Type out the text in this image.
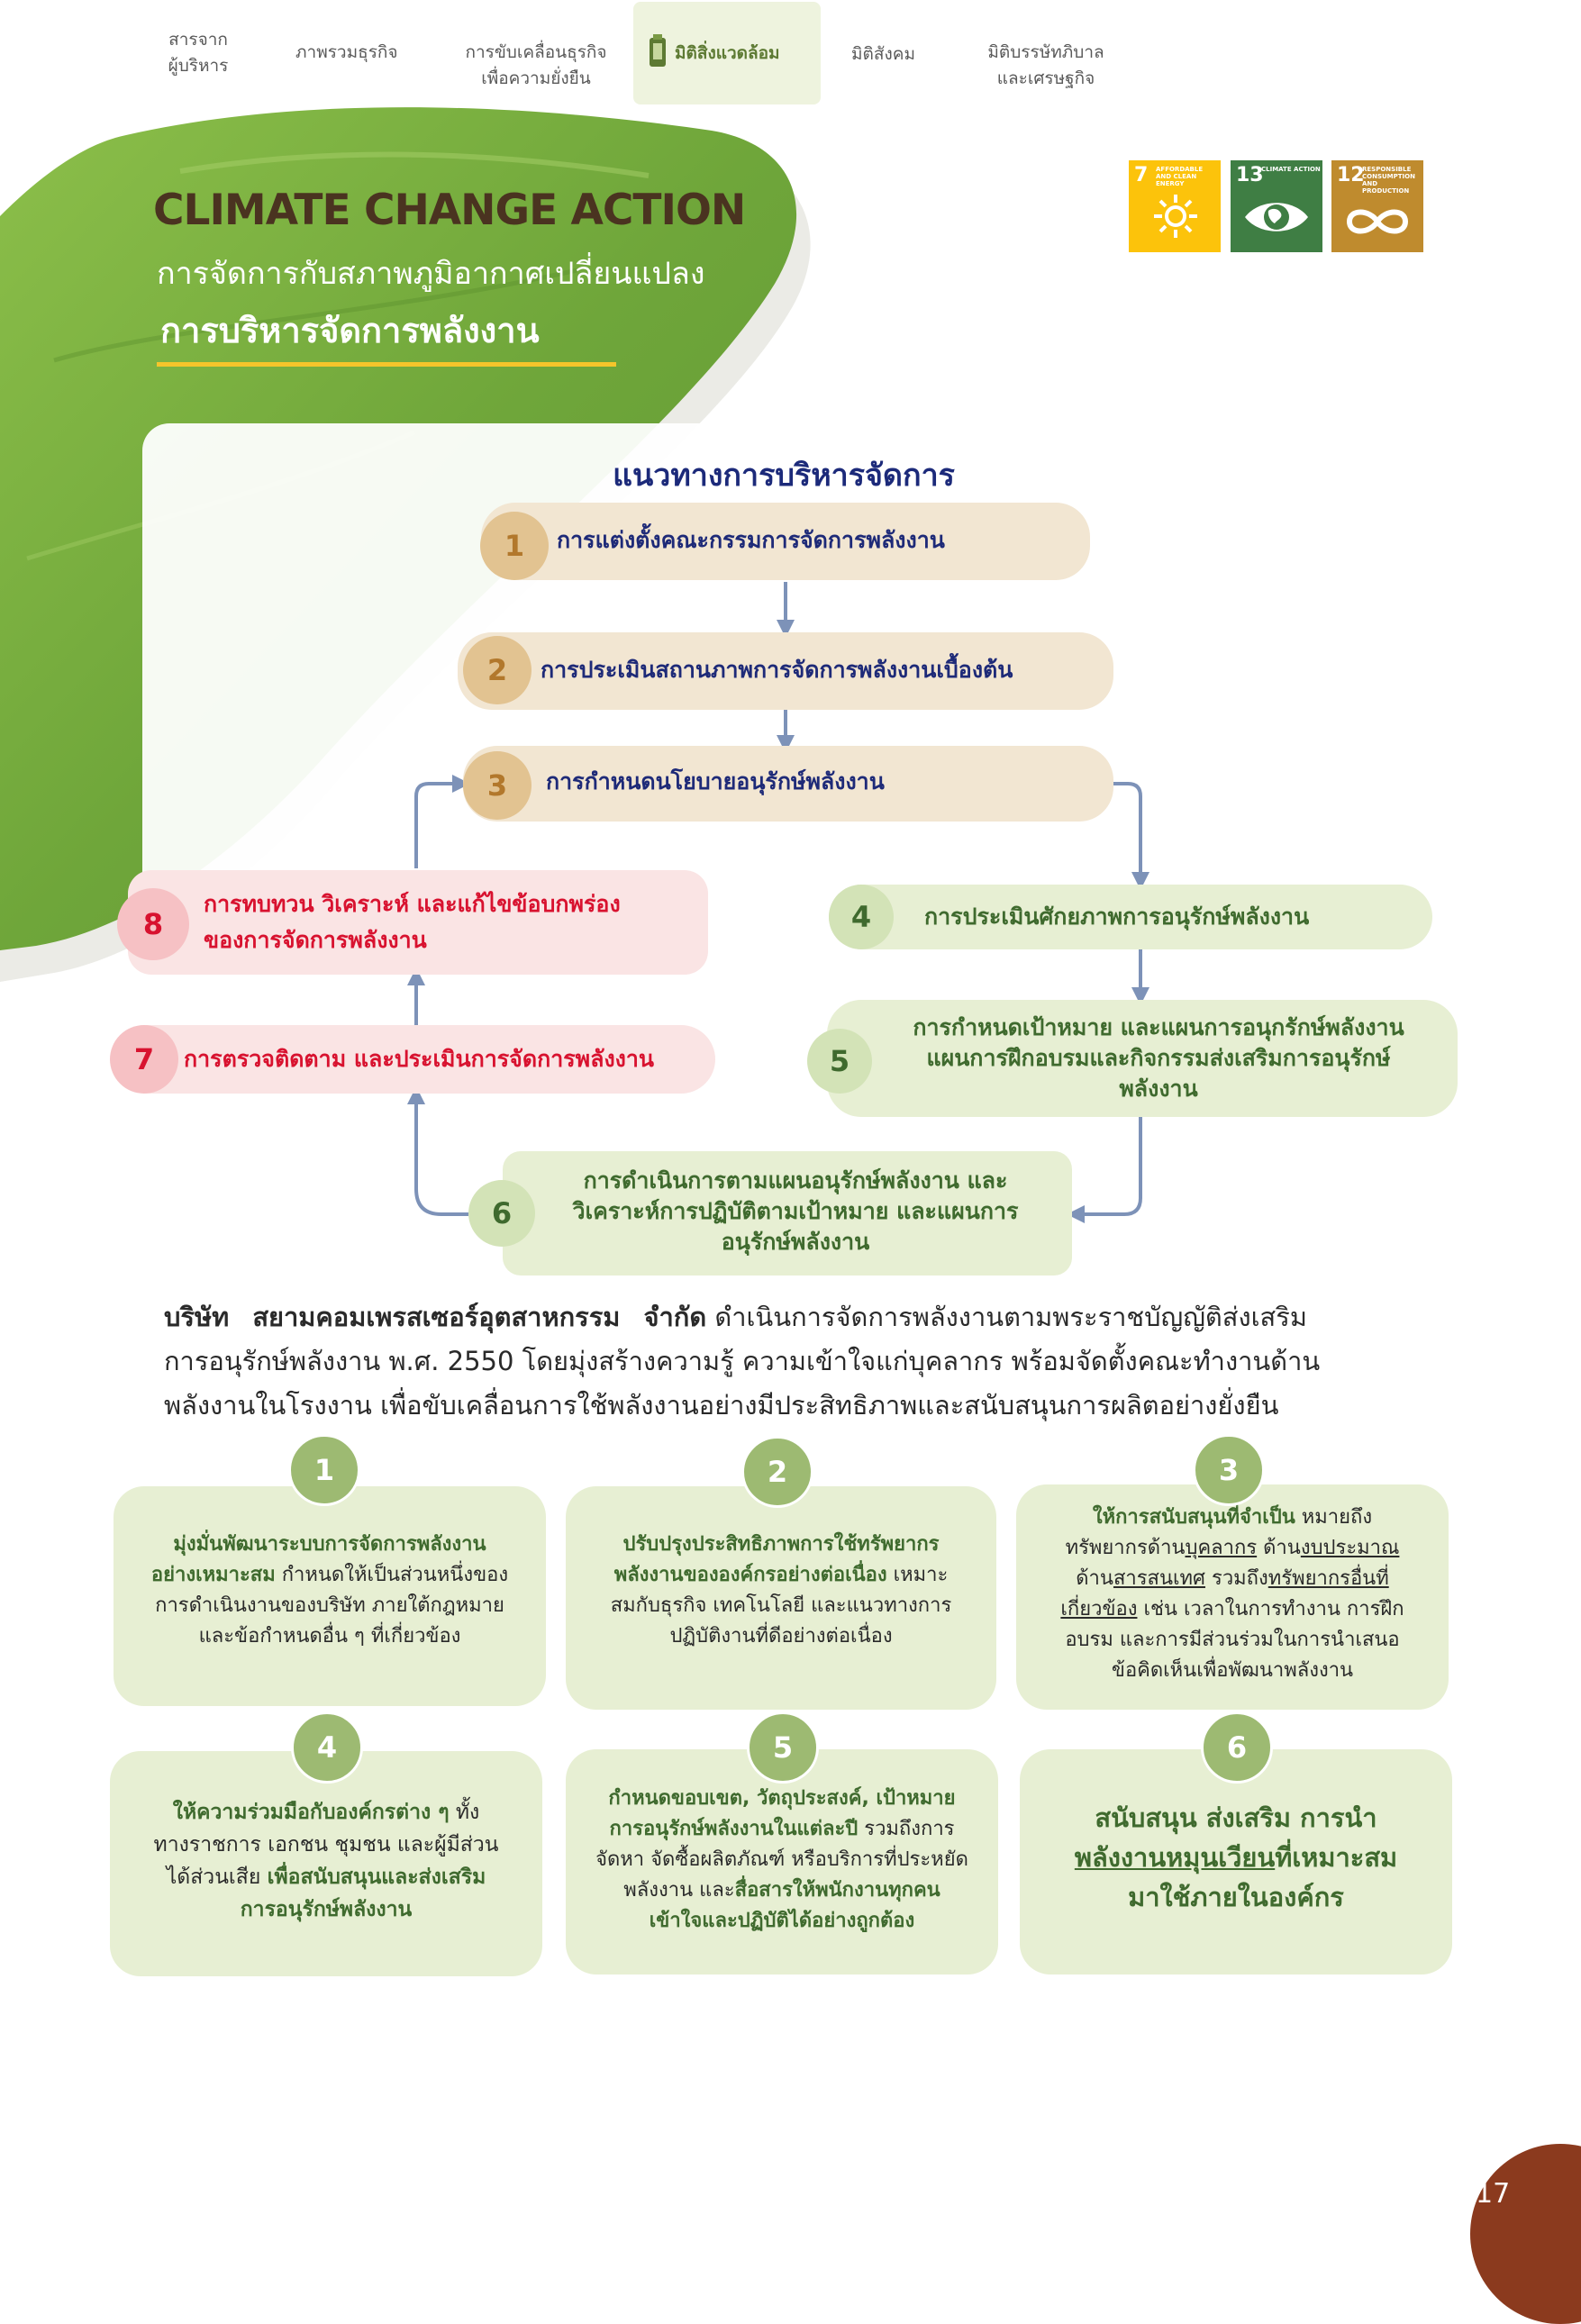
สารจาก
ผู้บริหาร
ภาพรวมธุรกิจ	การขับเคลื่อนธุรกิจ
เพื่อความยั่งยืน
มิติสิ่งแวดล้อม	มิติสังคม	มิติบรรษัทภิบาล
และเศรษฐกิจ
CLIMATE CHANGE ACTION
การจัดการกับสภาพภูมิอากาศเปลี่ยนแปลง
การบริหารจัดการพลังงาน
7 AFFORDABLE AND CLEAN ENERGY	13
CLIMATE ACTION 12
RESPONSIBLE CONSUMPTION AND PRODUCTION
แนวทางการบริหารจัดการ
การแต่งตั้งคณะกรรมการจัดการพลังงาน
1
การประเมินสถานภาพการจัดการพลังงานเบื้องต้น
2
การกำหนดนโยบายอนุรักษ์พลังงาน
3
การประเมินศักยภาพการอนุรักษ์พลังงาน
4
การกำหนดเป้าหมาย และแผนการอนุกรักษ์พลังงาน
แผนการฝึกอบรมและกิจกรรมส่งเสริมการอนุรักษ์
พลังงาน
5
การดำเนินการตามแผนอนุรักษ์พลังงาน และ
วิเคราะห์การปฏิบัติตามเป้าหมาย และแผนการ
อนุรักษ์พลังงาน
6
การตรวจติดตาม และประเมินการจัดการพลังงาน
7
การทบทวน วิเคราะห์ และแก้ไขข้อบกพร่อง
ของการจัดการพลังงาน
8
บริษัท สยามคอมเพรสเซอร์อุตสาหกรรม จำกัด ดำเนินการจัดการพลังงานตามพระราชบัญญัติส่งเสริม
การอนุรักษ์พลังงาน พ.ศ. 2550 โดยมุ่งสร้างความรู้ ความเข้าใจแก่บุคลากร พร้อมจัดตั้งคณะทำงานด้าน
พลังงานในโรงงาน เพื่อขับเคลื่อนการใช้พลังงานอย่างมีประสิทธิภาพและสนับสนุนการผลิตอย่างยั่งยืน
มุ่งมั่นพัฒนาระบบการจัดการพลังงาน
อย่างเหมาะสม กำหนดให้เป็นส่วนหนึ่งของ
การดำเนินงานของบริษัท ภายใต้กฎหมาย
และข้อกำหนดอื่น ๆ ที่เกี่ยวข้อง
1
ปรับปรุงประสิทธิภาพการใช้ทรัพยากร
พลังงานขององค์กรอย่างต่อเนื่อง เหมาะ
สมกับธุรกิจ เทคโนโลยี และแนวทางการ
ปฏิบัติงานที่ดีอย่างต่อเนื่อง
2
ให้การสนับสนุนที่จำเป็น หมายถึง
ทรัพยากรด้านบุคลากร ด้านงบประมาณ
ด้านสารสนเทศ รวมถึงทรัพยากรอื่นที่
เกี่ยวข้อง เช่น เวลาในการทำงาน การฝึก
อบรม และการมีส่วนร่วมในการนำเสนอ
ข้อคิดเห็นเพื่อพัฒนาพลังงาน
3
ให้ความร่วมมือกับองค์กรต่าง ๆ ทั้ง
ทางราชการ เอกชน ชุมชน และผู้มีส่วน
ได้ส่วนเสีย เพื่อสนับสนุนและส่งเสริม
การอนุรักษ์พลังงาน
4
กำหนดขอบเขต, วัตถุประสงค์, เป้าหมาย
การอนุรักษ์พลังงานในแต่ละปี รวมถึงการ
จัดหา จัดซื้อผลิตภัณฑ์ หรือบริการที่ประหยัด
พลังงาน และสื่อสารให้พนักงานทุกคน
เข้าใจและปฏิบัติได้อย่างถูกต้อง
5
สนับสนุน ส่งเสริม การนำ
พลังงานหมุนเวียนที่เหมาะสม
มาใช้ภายในองค์กร
6
17
